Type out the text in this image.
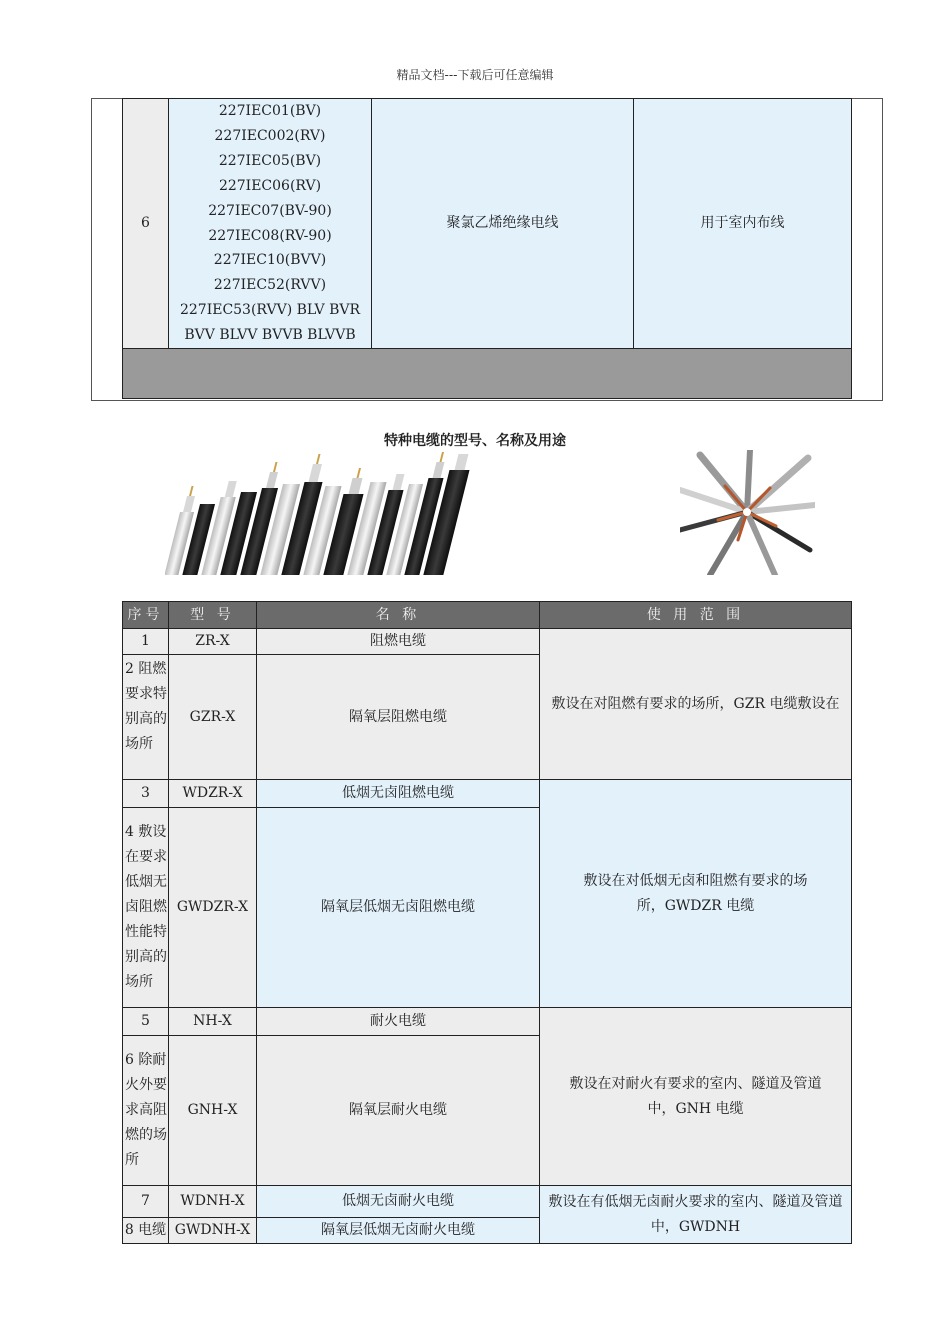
精品文档---下载后可任意编辑
6	
227IEC01(BV) 227IEC002(RV)
227IEC05(BV) 227IEC06(RV)
227IEC07(BV-90)
227IEC08(RV-90)
227IEC10(BVV)
227IEC52(RVV)
227IEC53(RVV) BLV BVR
BVV BLVV BVVB BLVVB
	聚氯乙烯绝缘电线	用于室内布线

特种电缆的型号、名称及用途
序号	型 号	名 称	使 用 范 围
1	ZR-X	阻燃电缆	敷设在对阻燃有要求的场所，GZR 电缆敷设在
2 阻燃要求特别高的场所	GZR-X	隔氧层阻燃电缆	
3	WDZR-X	低烟无卤阻燃电缆	敷设在对低烟无卤和阻燃有要求的场所，GWDZR 电缆
4 敷设在要求低烟无卤阻燃性能特别高的场所	GWDZR-X	隔氧层低烟无卤阻燃电缆	
5	NH-X	耐火电缆	敷设在对耐火有要求的室内、隧道及管道中，GNH 电缆
6 除耐火外要求高阻燃的场所	GNH-X	隔氧层耐火电缆	
7	WDNH-X	低烟无卤耐火电缆	敷设在有低烟无卤耐火要求的室内、隧道及管道中，GWDNH
8 电缆	GWDNH-X	隔氧层低烟无卤耐火电缆	
